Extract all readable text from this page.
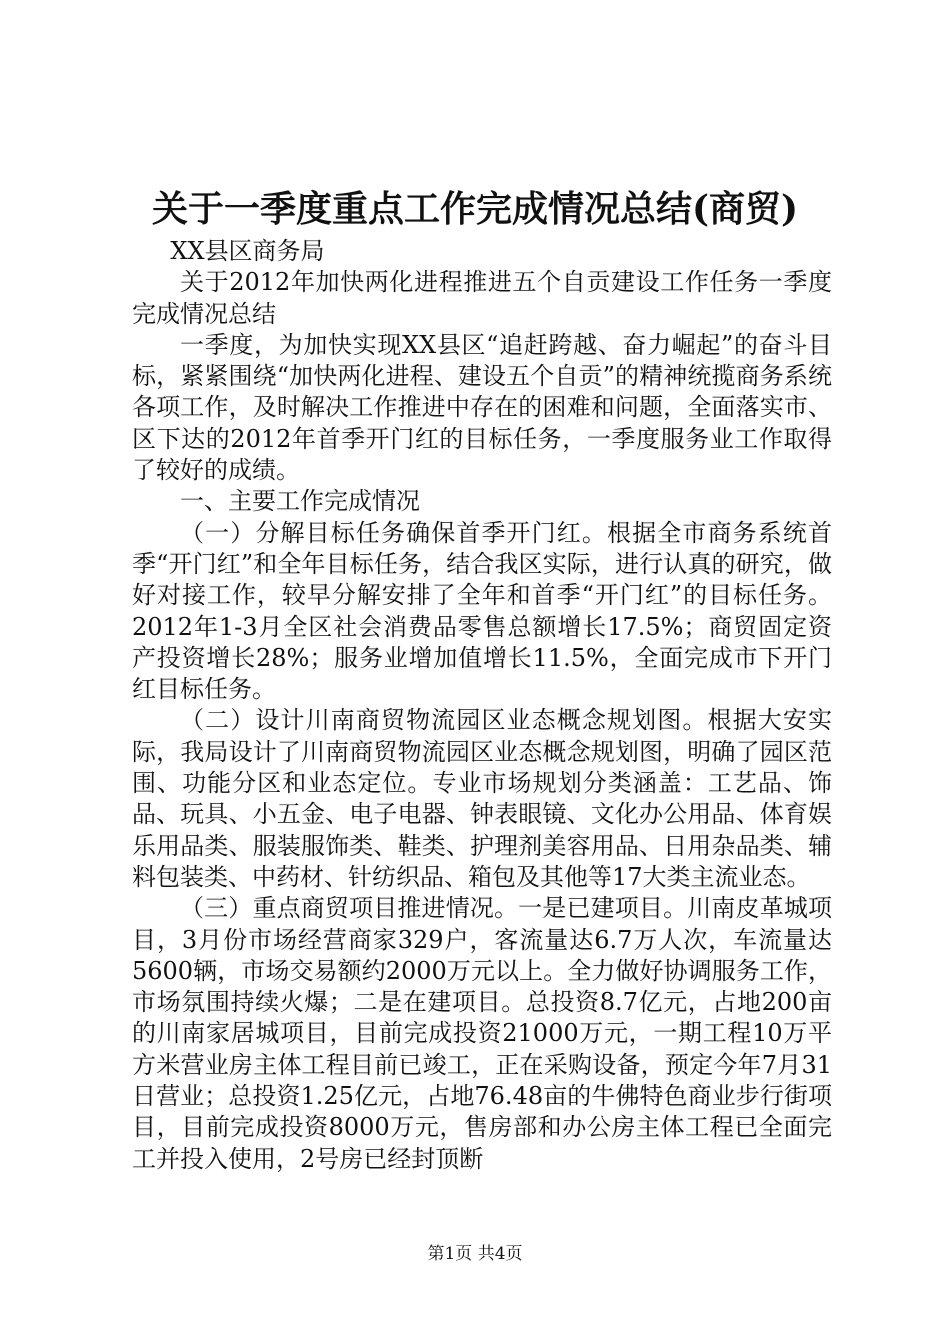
关于一季度重点工作完成情况总结(商贸)

XX县区商务局

关于2012年加快两化进程推进五个自贡建设工作任务一季度完成情况总结

一季度，为加快实现XX县区“追赶跨越、奋力崛起”的奋斗目标，紧紧围绕“加快两化进程、建设五个自贡”的精神统揽商务系统各项工作，及时解决工作推进中存在的困难和问题，全面落实市、区下达的2012年首季开门红的目标任务，一季度服务业工作取得了较好的成绩。

一、主要工作完成情况

（一）分解目标任务确保首季开门红。根据全市商务系统首季“开门红”和全年目标任务，结合我区实际，进行认真的研究，做好对接工作，较早分解安排了全年和首季“开门红”的目标任务。2012年1-3月全区社会消费品零售总额增长17.5%；商贸固定资产投资增长28%；服务业增加值增长11.5%，全面完成市下开门红目标任务。

（二）设计川南商贸物流园区业态概念规划图。根据大安实际，我局设计了川南商贸物流园区业态概念规划图，明确了园区范围、功能分区和业态定位。专业市场规划分类涵盖：工艺品、饰品、玩具、小五金、电子电器、钟表眼镜、文化办公用品、体育娱乐用品类、服装服饰类、鞋类、护理剂美容用品、日用杂品类、辅料包装类、中药材、针纺织品、箱包及其他等17大类主流业态。

（三）重点商贸项目推进情况。一是已建项目。川南皮革城项目，3月份市场经营商家329户，客流量达6.7万人次，车流量达5600辆，市场交易额约2000万元以上。全力做好协调服务工作，市场氛围持续火爆；二是在建项目。总投资8.7亿元，占地200亩的川南家居城项目，目前完成投资21000万元，一期工程10万平方米营业房主体工程目前已竣工，正在采购设备，预定今年7月31日营业；总投资1.25亿元，占地76.48亩的牛佛特色商业步行街项目，目前完成投资8000万元，售房部和办公房主体工程已全面完工并投入使用，2号房已经封顶断

第1页 共4页
